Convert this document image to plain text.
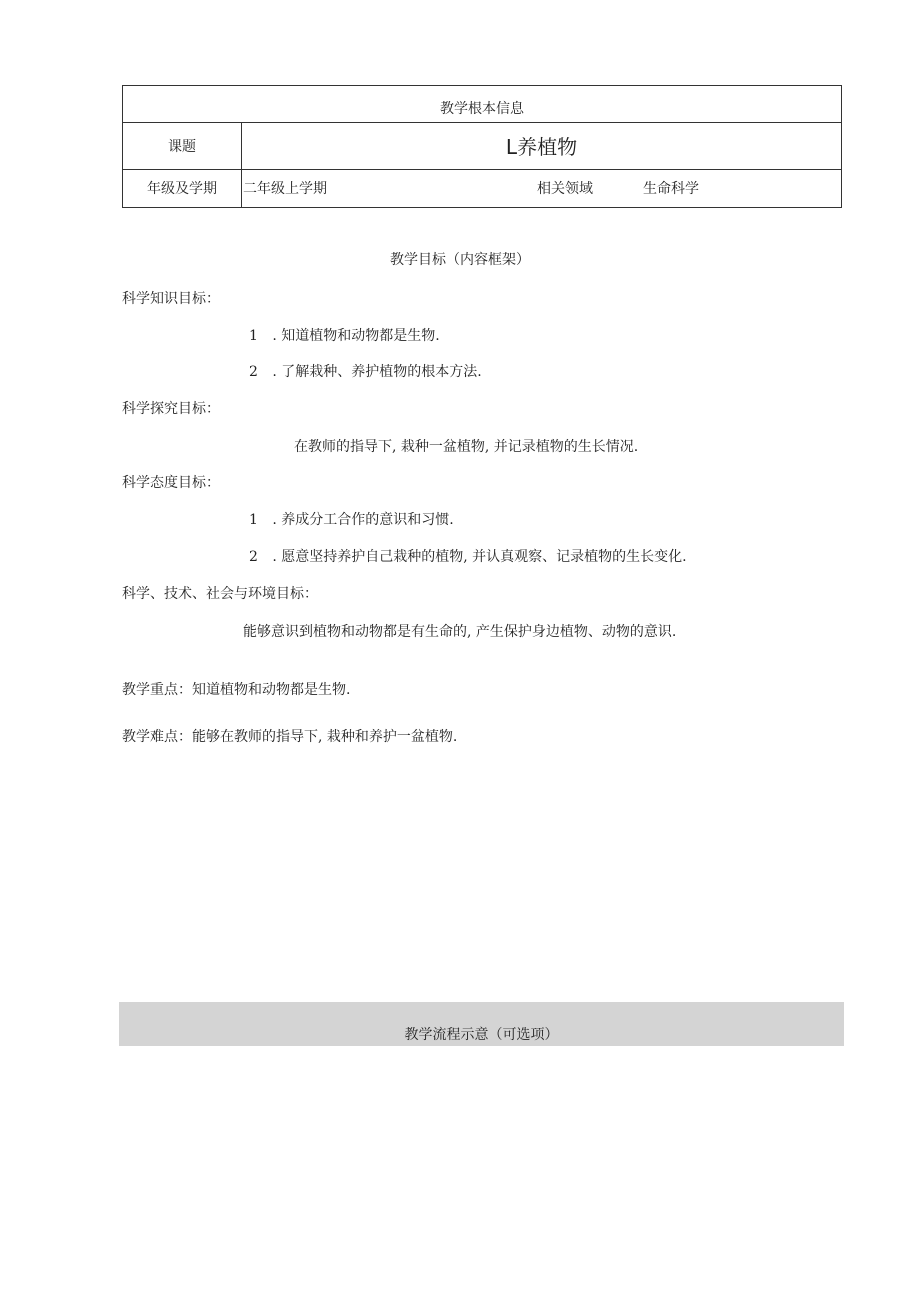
教学根本信息
课题	L养植物
年级及学期	二年级上学期	相关领域	生命科学
教学目标（内容框架）
科学知识目标：
1 . 知道植物和动物都是生物.
2 . 了解栽种、养护植物的根本方法.
科学探究目标：
在教师的指导下, 栽种一盆植物, 并记录植物的生长情况.
科学态度目标：
1 . 养成分工合作的意识和习惯.
2 . 愿意坚持养护自己栽种的植物, 并认真观察、记录植物的生长变化.
科学、技术、社会与环境目标：
能够意识到植物和动物都是有生命的, 产生保护身边植物、动物的意识.
教学重点：知道植物和动物都是生物.
教学难点：能够在教师的指导下, 栽种和养护一盆植物.
教学流程示意（可选项）
